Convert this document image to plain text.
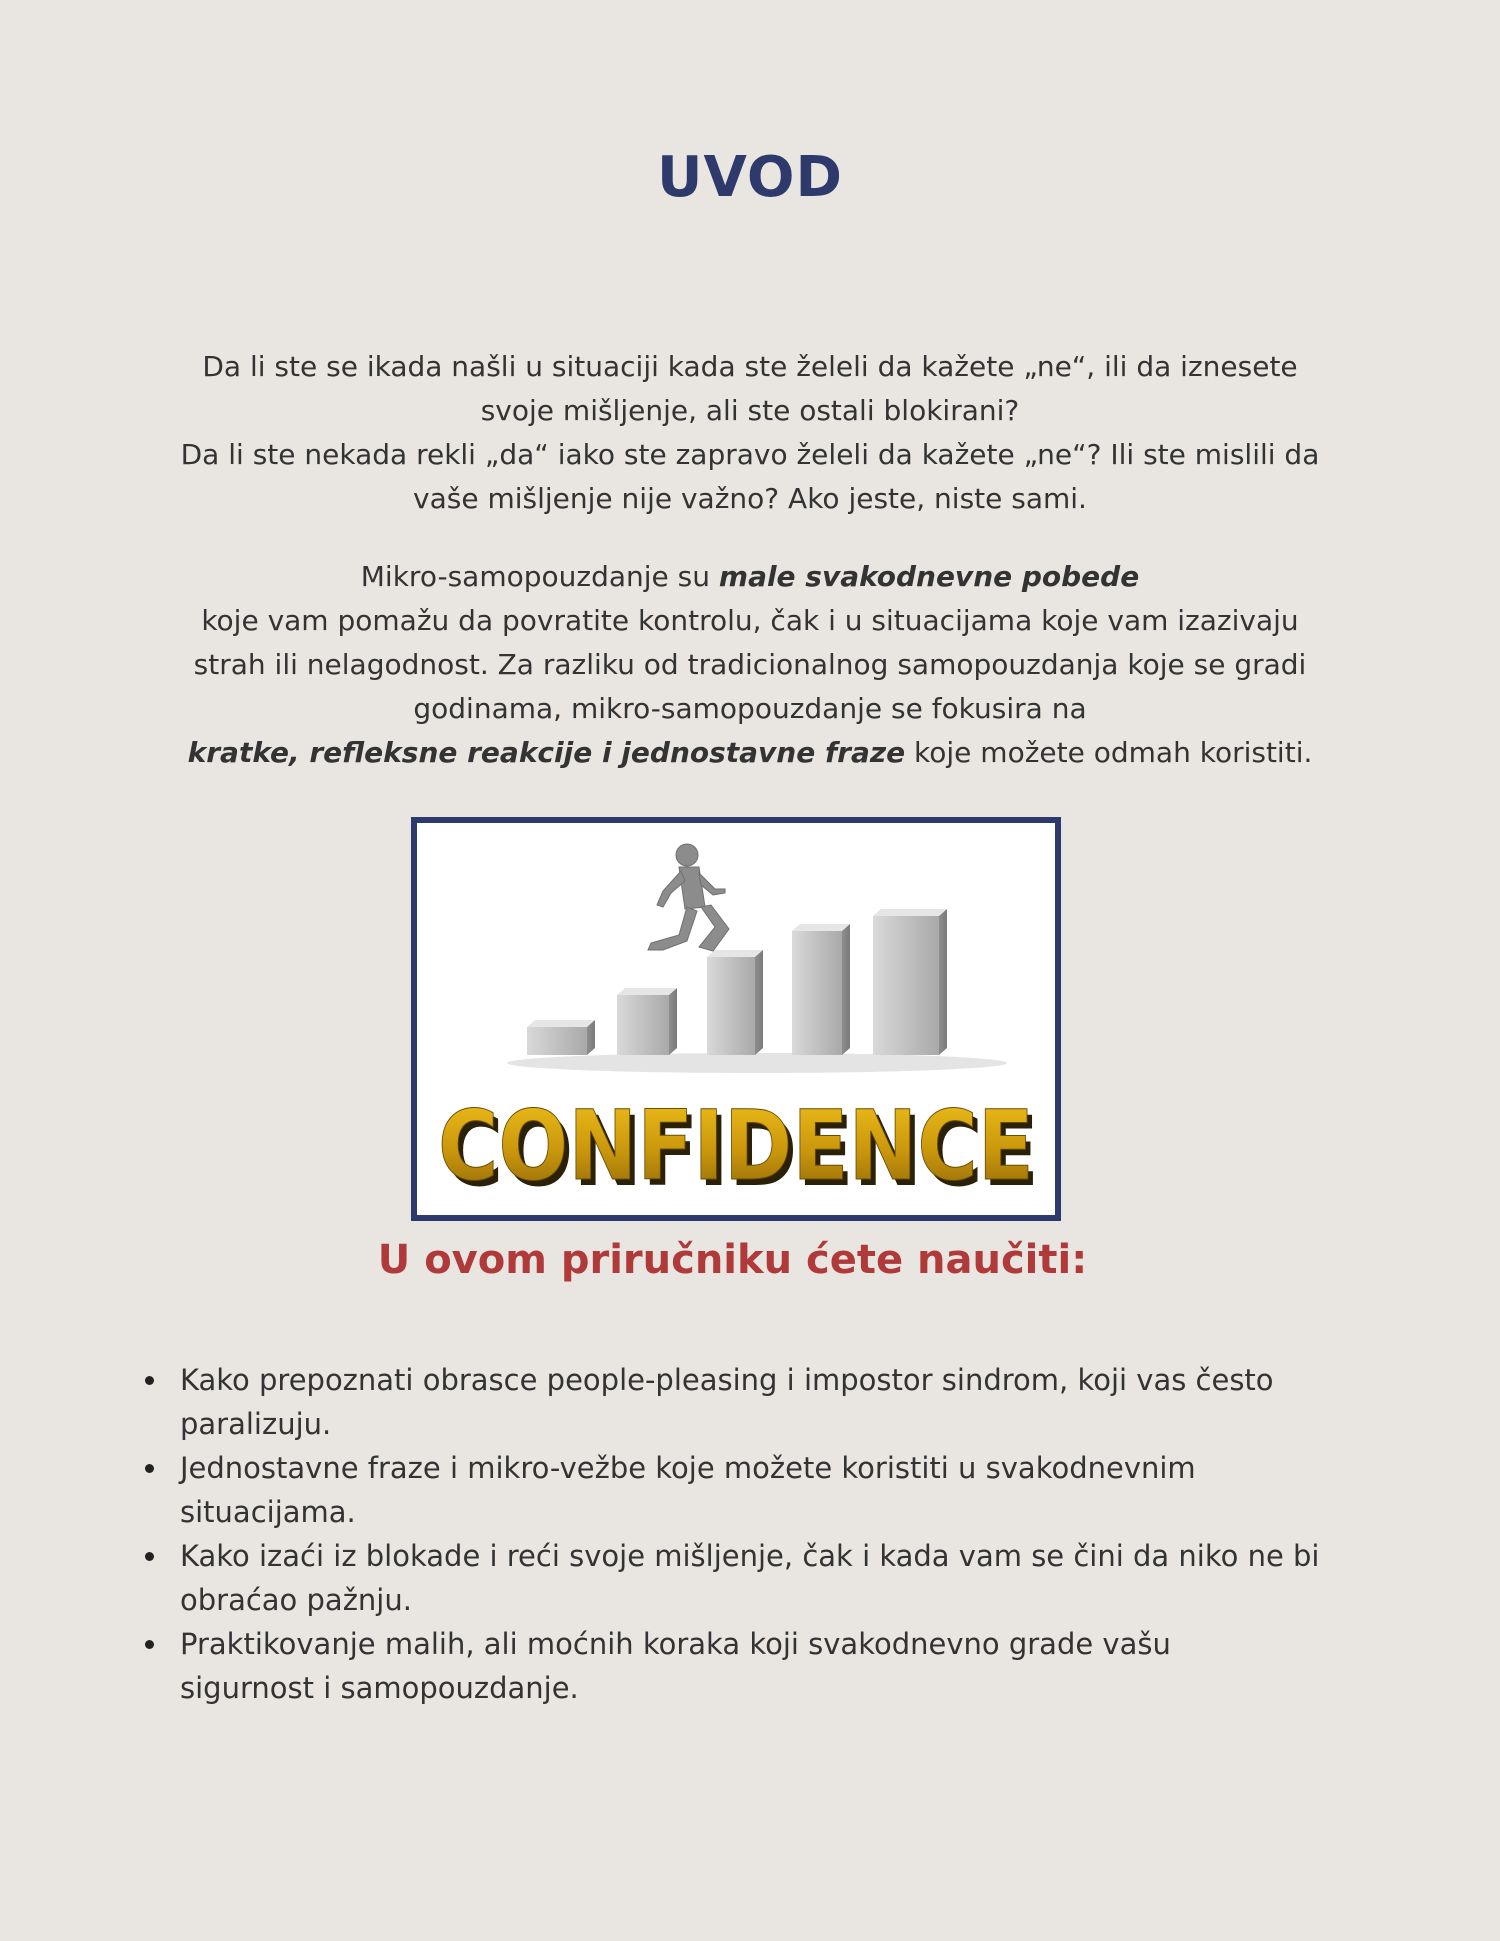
UVOD

Da li ste se ikada našli u situaciji kada ste želeli da kažete „ne“, ili da iznesete
svoje mišljenje, ali ste ostali blokirani?
Da li ste nekada rekli „da“ iako ste zapravo želeli da kažete „ne“? Ili ste mislili da
vaše mišljenje nije važno? Ako jeste, niste sami.

Mikro-samopouzdanje su male svakodnevne pobede
koje vam pomažu da povratite kontrolu, čak i u situacijama koje vam izazivaju
strah ili nelagodnost. Za razliku od tradicionalnog samopouzdanja koje se gradi
godinama, mikro-samopouzdanje se fokusira na
kratke, refleksne reakcije i jednostavne fraze koje možete odmah koristiti.

CONFIDENCE
CONFIDENCE
U ovom priručniku ćete naučiti:
Kako prepoznati obrasce people-pleasing i impostor sindrom, koji vas često
paralizuju.
Jednostavne fraze i mikro-vežbe koje možete koristiti u svakodnevnim
situacijama.
Kako izaći iz blokade i reći svoje mišljenje, čak i kada vam se čini da niko ne bi
obraćao pažnju.
Praktikovanje malih, ali moćnih koraka koji svakodnevno grade vašu
sigurnost i samopouzdanje.
